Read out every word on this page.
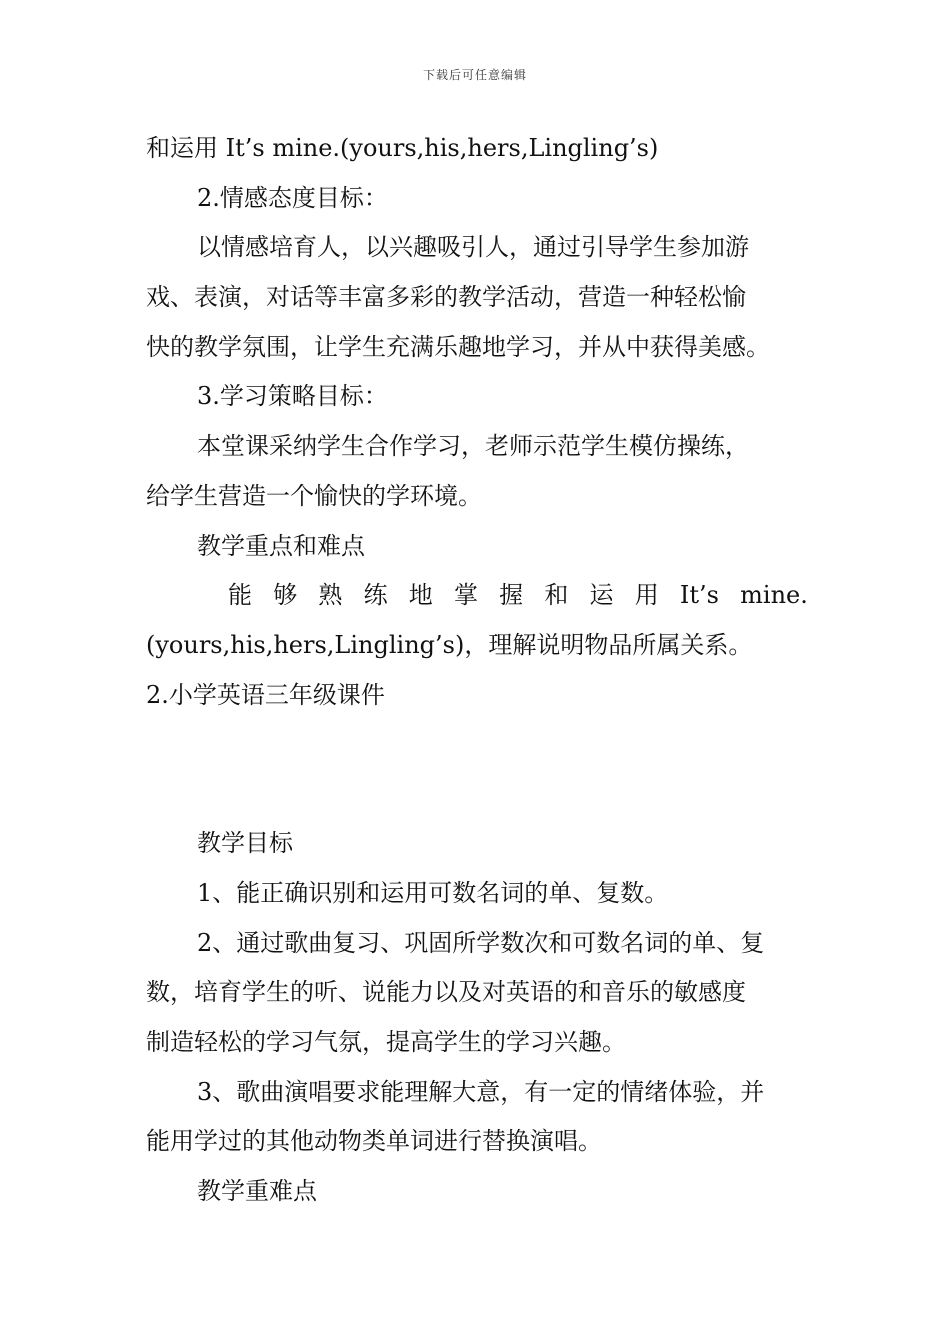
下载后可任意编辑
和运用 It’s mine.(yours,his,hers,Lingling’s)
2.情感态度目标：
以情感培育人，以兴趣吸引人，通过引导学生参加游
戏、表演，对话等丰富多彩的教学活动，营造一种轻松愉
快的教学氛围，让学生充满乐趣地学习，并从中获得美感。
3.学习策略目标：
本堂课采纳学生合作学习，老师示范学生模仿操练，
给学生营造一个愉快的学环境。
教学重点和难点
能 够 熟 练 地 掌 握 和 运 用 It’s mine.
(yours,his,hers,Lingling’s)，理解说明物品所属关系。
2.小学英语三年级课件
教学目标
1、能正确识别和运用可数名词的单、复数。
2、通过歌曲复习、巩固所学数次和可数名词的单、复
数，培育学生的听、说能力以及对英语的和音乐的敏感度
制造轻松的学习气氛，提高学生的学习兴趣。
3、歌曲演唱要求能理解大意，有一定的情绪体验，并
能用学过的其他动物类单词进行替换演唱。
教学重难点
